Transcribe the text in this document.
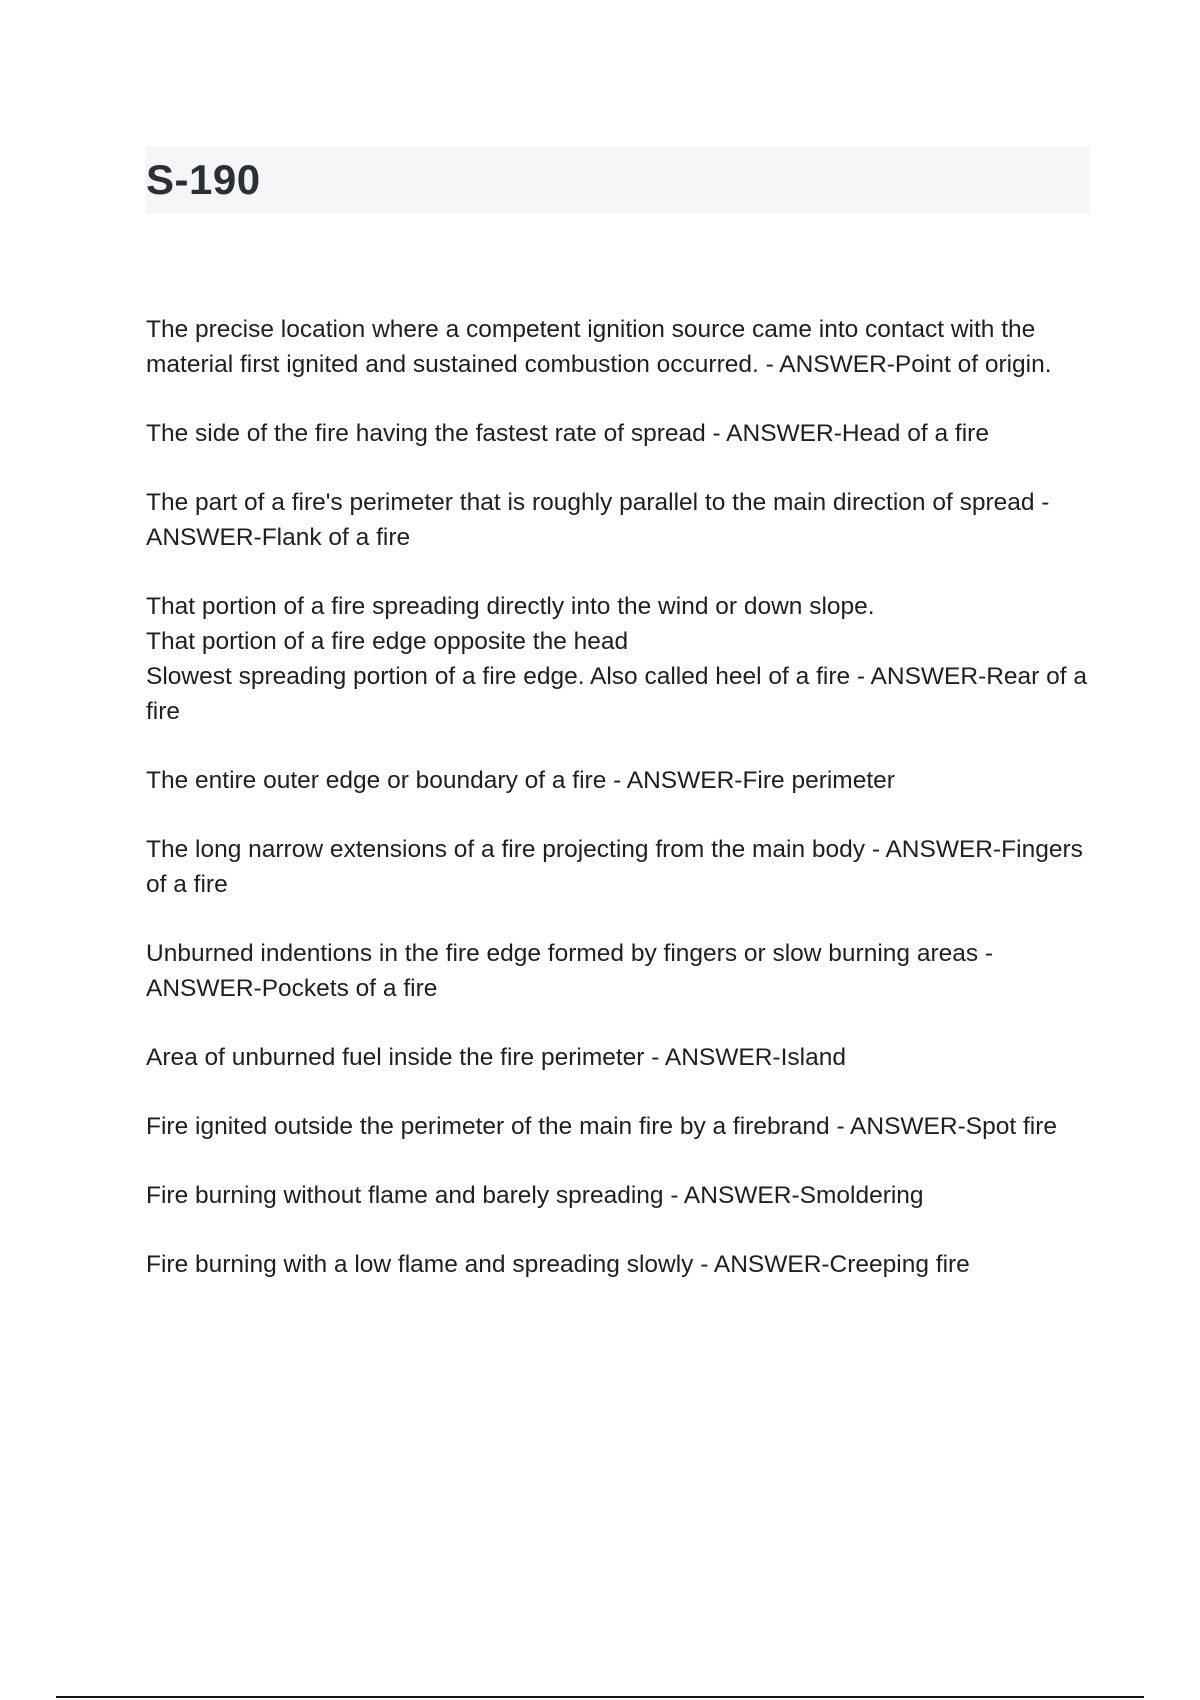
S-190
The precise location where a competent ignition source came into contact with the material first ignited and sustained combustion occurred. - ANSWER-Point of origin.
The side of the fire having the fastest rate of spread - ANSWER-Head of a fire
The part of a fire's perimeter that is roughly parallel to the main direction of spread - ANSWER-Flank of a fire
That portion of a fire spreading directly into the wind or down slope.
That portion of a fire edge opposite the head
Slowest spreading portion of a fire edge. Also called heel of a fire - ANSWER-Rear of a fire
The entire outer edge or boundary of a fire - ANSWER-Fire perimeter
The long narrow extensions of a fire projecting from the main body - ANSWER-Fingers of a fire
Unburned indentions in the fire edge formed by fingers or slow burning areas - ANSWER-Pockets of a fire
Area of unburned fuel inside the fire perimeter - ANSWER-Island
Fire ignited outside the perimeter of the main fire by a firebrand - ANSWER-Spot fire
Fire burning without flame and barely spreading - ANSWER-Smoldering
Fire burning with a low flame and spreading slowly - ANSWER-Creeping fire
